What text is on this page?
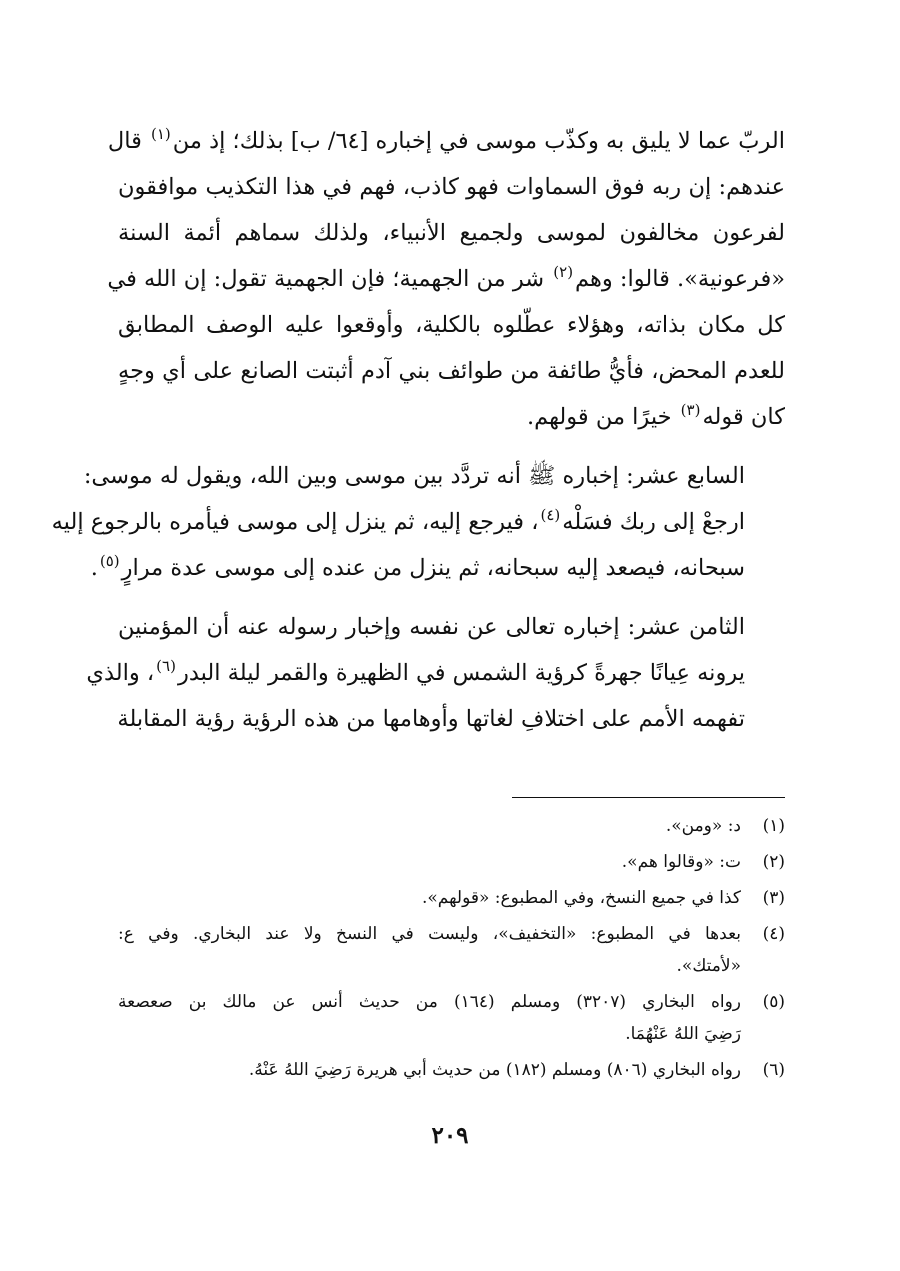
الربّ عما لا يليق به وكذّب موسى في إخباره [٦٤/ ب] بذلك؛ إذ من$^{(١)}$ قال
عندهم: إن ربه فوق السماوات فهو كاذب، فهم في هذا التكذيب موافقون
لفرعون مخالفون لموسى ولجميع الأنبياء، ولذلك سماهم أئمة السنة
«فرعونية». قالوا: وهم$^{(٢)}$ شر من الجهمية؛ فإن الجهمية تقول: إن الله في
كل مكان بذاته، وهؤلاء عطّلوه بالكلية، وأوقعوا عليه الوصف المطابق
للعدم المحض، فأيُّ طائفة من طوائف بني آدم أثبتت الصانع على أي وجهٍ
كان قوله$^{(٣)}$ خيرًا من قولهم.

السابع عشر: إخباره ﷺ أنه تردَّد بين موسى وبين الله، ويقول له موسى:
ارجعْ إلى ربك فسَلْه$^{(٤)}$، فيرجع إليه، ثم ينزل إلى موسى فيأمره بالرجوع إليه
سبحانه، فيصعد إليه سبحانه، ثم ينزل من عنده إلى موسى عدة مرارٍ$^{(٥)}$.

الثامن عشر: إخباره تعالى عن نفسه وإخبار رسوله عنه أن المؤمنين
يرونه عِيانًا جهرةً كرؤية الشمس في الظهيرة والقمر ليلة البدر$^{(٦)}$، والذي
تفهمه الأمم على اختلافِ لغاتها وأوهامها من هذه الرؤية رؤية المقابلة

(١)
د: «ومن».
(٢)
ت: «وقالوا هم».
(٣)
كذا في جميع النسخ، وفي المطبوع: «قولهم».
(٤)
بعدها في المطبوع: «التخفيف»، وليست في النسخ ولا عند البخاري. وفي ع:
«لأمتك».
(٥)
رواه البخاري (٣٢٠٧) ومسلم (١٦٤) من حديث أنس عن مالك بن صعصعة
رَضِيَ اللهُ عَنْهُمَا.
(٦)
رواه البخاري (٨٠٦) ومسلم (١٨٢) من حديث أبي هريرة رَضِيَ اللهُ عَنْهُ.
٢٠٩
